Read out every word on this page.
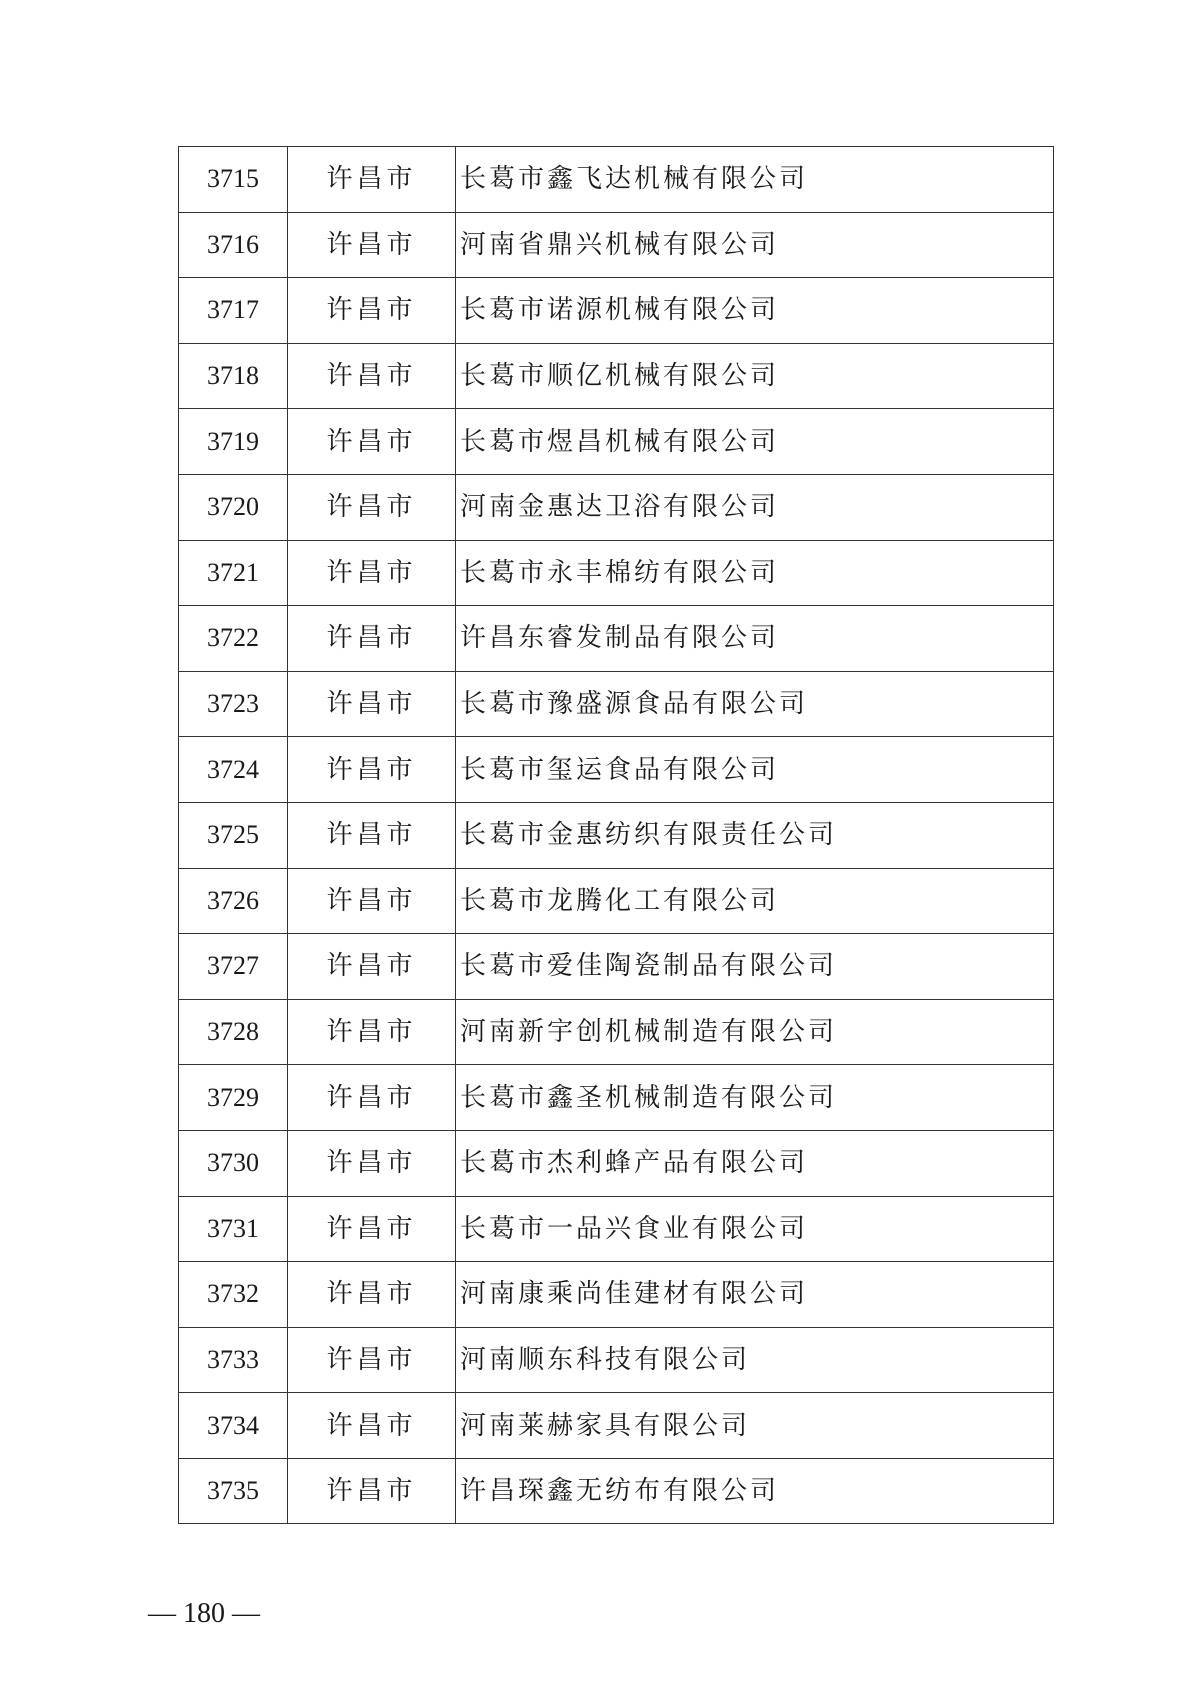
3715	许昌市	长葛市鑫飞达机械有限公司
3716	许昌市	河南省鼎兴机械有限公司
3717	许昌市	长葛市诺源机械有限公司
3718	许昌市	长葛市顺亿机械有限公司
3719	许昌市	长葛市煜昌机械有限公司
3720	许昌市	河南金惠达卫浴有限公司
3721	许昌市	长葛市永丰棉纺有限公司
3722	许昌市	许昌东睿发制品有限公司
3723	许昌市	长葛市豫盛源食品有限公司
3724	许昌市	长葛市玺运食品有限公司
3725	许昌市	长葛市金惠纺织有限责任公司
3726	许昌市	长葛市龙腾化工有限公司
3727	许昌市	长葛市爱佳陶瓷制品有限公司
3728	许昌市	河南新宇创机械制造有限公司
3729	许昌市	长葛市鑫圣机械制造有限公司
3730	许昌市	长葛市杰利蜂产品有限公司
3731	许昌市	长葛市一品兴食业有限公司
3732	许昌市	河南康乘尚佳建材有限公司
3733	许昌市	河南顺东科技有限公司
3734	许昌市	河南莱赫家具有限公司
3735	许昌市	许昌琛鑫无纺布有限公司
— 180 —
